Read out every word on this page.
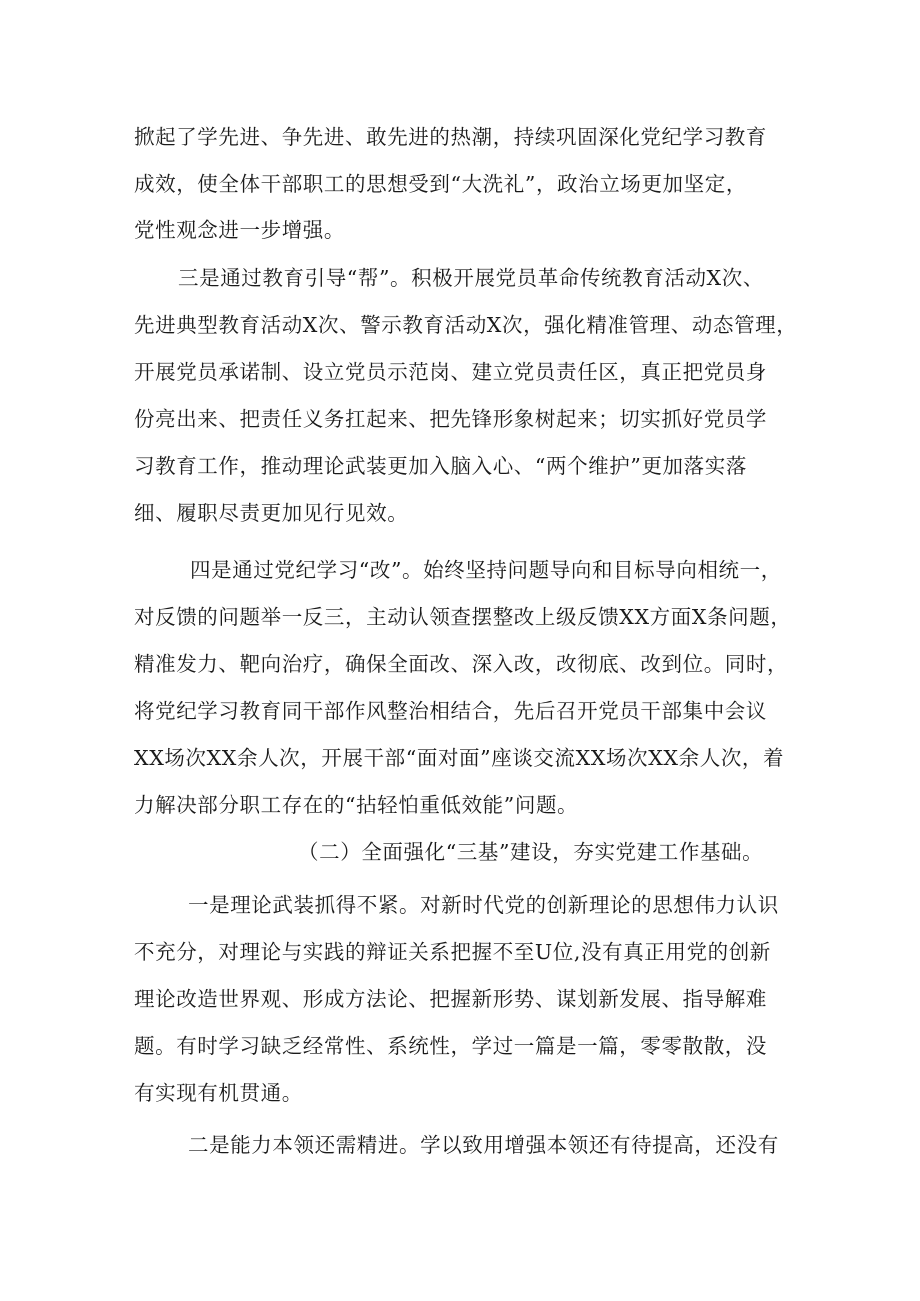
掀起了学先进、争先进、敢先进的热潮，持续巩固深化党纪学习教育

成效，使全体干部职工的思想受到“大洗礼”，政治立场更加坚定，

党性观念进一步增强。

三是通过教育引导“帮”。积极开展党员革命传统教育活动X次、

先进典型教育活动X次、警示教育活动X次，强化精准管理、动态管理，

开展党员承诺制、设立党员示范岗、建立党员责任区，真正把党员身

份亮出来、把责任义务扛起来、把先锋形象树起来；切实抓好党员学

习教育工作，推动理论武装更加入脑入心、“两个维护”更加落实落

细、履职尽责更加见行见效。

四是通过党纪学习“改”。始终坚持问题导向和目标导向相统一，

对反馈的问题举一反三，主动认领查摆整改上级反馈XX方面X条问题，

精准发力、靶向治疗，确保全面改、深入改，改彻底、改到位。同时，

将党纪学习教育同干部作风整治相结合，先后召开党员干部集中会议

XX场次XX余人次，开展干部“面对面”座谈交流XX场次XX余人次，着

力解决部分职工存在的“拈轻怕重低效能”问题。

（二）全面强化“三基”建设，夯实党建工作基础。

一是理论武装抓得不紧。对新时代党的创新理论的思想伟力认识

不充分，对理论与实践的辩证关系把握不至U位,没有真正用党的创新

理论改造世界观、形成方法论、把握新形势、谋划新发展、指导解难

题。有时学习缺乏经常性、系统性，学过一篇是一篇，零零散散，没

有实现有机贯通。

二是能力本领还需精进。学以致用增强本领还有待提高，还没有
